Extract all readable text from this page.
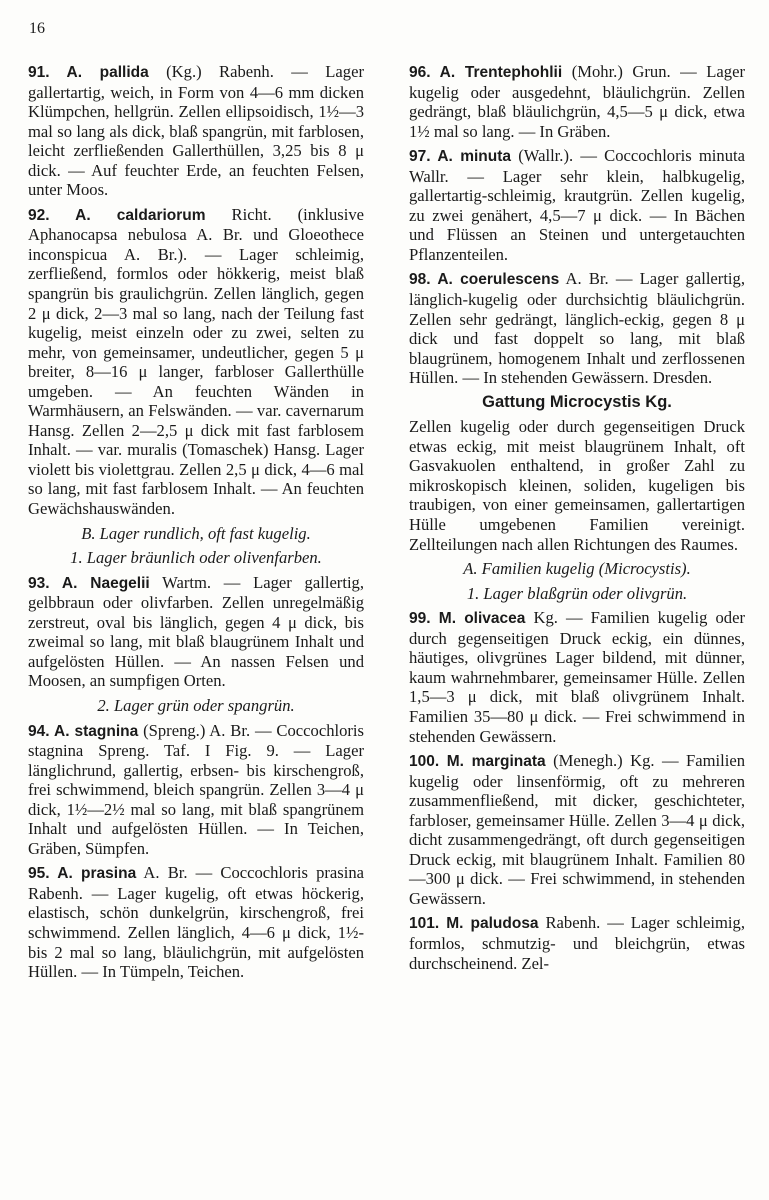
16

91. A. pallida (Kg.) Rabenh. — Lager gallertartig, weich, in Form von 4—6 mm dicken Klümpchen, hellgrün. Zellen ellipsoidisch, 1½—3 mal so lang als dick, blaß spangrün, mit farblosen, leicht zerfließenden Gallerthüllen, 3,25 bis 8 μ dick. — Auf feuchter Erde, an feuchten Felsen, unter Moos.

92. A. caldariorum Richt. (inklusive Aphanocapsa nebulosa A. Br. und Gloeothece inconspicua A. Br.). — Lager schleimig, zerfließend, formlos oder hökkerig, meist blaß spangrün bis graulichgrün. Zellen länglich, gegen 2 μ dick, 2—3 mal so lang, nach der Teilung fast kugelig, meist einzeln oder zu zwei, selten zu mehr, von gemeinsamer, undeutlicher, gegen 5 μ breiter, 8—16 μ langer, farbloser Gallerthülle umgeben. — An feuchten Wänden in Warmhäusern, an Felswänden. — var. cavernarum Hansg. Zellen 2—2,5 μ dick mit fast farblosem Inhalt. — var. muralis (Tomaschek) Hansg. Lager violett bis violettgrau. Zellen 2,5 μ dick, 4—6 mal so lang, mit fast farblosem Inhalt. — An feuchten Gewächshauswänden.

B. Lager rundlich, oft fast kugelig.

1. Lager bräunlich oder olivenfarben.

93. A. Naegelii Wartm. — Lager gallertig, gelbbraun oder olivfarben. Zellen unregelmäßig zerstreut, oval bis länglich, gegen 4 μ dick, bis zweimal so lang, mit blaß blaugrünem Inhalt und aufgelösten Hüllen. — An nassen Felsen und Moosen, an sumpfigen Orten.

2. Lager grün oder spangrün.

94. A. stagnina (Spreng.) A. Br. — Coccochloris stagnina Spreng. Taf. I Fig. 9. — Lager länglichrund, gallertig, erbsen- bis kirschengroß, frei schwimmend, bleich spangrün. Zellen 3—4 μ dick, 1½—2½ mal so lang, mit blaß spangrünem Inhalt und aufgelösten Hüllen. — In Teichen, Gräben, Sümpfen.

95. A. prasina A. Br. — Coccochloris prasina Rabenh. — Lager kugelig, oft etwas höckerig, elastisch, schön dunkelgrün, kirschengroß, frei schwimmend. Zellen länglich, 4—6 μ dick, 1½-bis 2 mal so lang, bläulichgrün, mit aufgelösten Hüllen. — In Tümpeln, Teichen.

96. A. Trentephohlii (Mohr.) Grun. — Lager kugelig oder ausgedehnt, bläulichgrün. Zellen gedrängt, blaß bläulichgrün, 4,5—5 μ dick, etwa 1½ mal so lang. — In Gräben.

97. A. minuta (Wallr.). — Coccochloris minuta Wallr. — Lager sehr klein, halbkugelig, gallertartig-schleimig, krautgrün. Zellen kugelig, zu zwei genähert, 4,5—7 μ dick. — In Bächen und Flüssen an Steinen und untergetauchten Pflanzenteilen.

98. A. coerulescens A. Br. — Lager gallertig, länglich-kugelig oder durchsichtig bläulichgrün. Zellen sehr gedrängt, länglich-eckig, gegen 8 μ dick und fast doppelt so lang, mit blaß blaugrünem, homogenem Inhalt und zerflossenen Hüllen. — In stehenden Gewässern. Dresden.

Gattung Microcystis Kg.

Zellen kugelig oder durch gegenseitigen Druck etwas eckig, mit meist blaugrünem Inhalt, oft Gasvakuolen enthaltend, in großer Zahl zu mikroskopisch kleinen, soliden, kugeligen bis traubigen, von einer gemeinsamen, gallertartigen Hülle umgebenen Familien vereinigt. Zellteilungen nach allen Richtungen des Raumes.

A. Familien kugelig (Microcystis).

1. Lager blaßgrün oder olivgrün.

99. M. olivacea Kg. — Familien kugelig oder durch gegenseitigen Druck eckig, ein dünnes, häutiges, olivgrünes Lager bildend, mit dünner, kaum wahrnehmbarer, gemeinsamer Hülle. Zellen 1,5—3 μ dick, mit blaß olivgrünem Inhalt. Familien 35—80 μ dick. — Frei schwimmend in stehenden Gewässern.

100. M. marginata (Menegh.) Kg. — Familien kugelig oder linsenförmig, oft zu mehreren zusammenfließend, mit dicker, geschichteter, farbloser, gemeinsamer Hülle. Zellen 3—4 μ dick, dicht zusammengedrängt, oft durch gegenseitigen Druck eckig, mit blaugrünem Inhalt. Familien 80—300 μ dick. — Frei schwimmend, in stehenden Gewässern.

101. M. paludosa Rabenh. — Lager schleimig, formlos, schmutzig- und bleichgrün, etwas durchscheinend. Zel-
